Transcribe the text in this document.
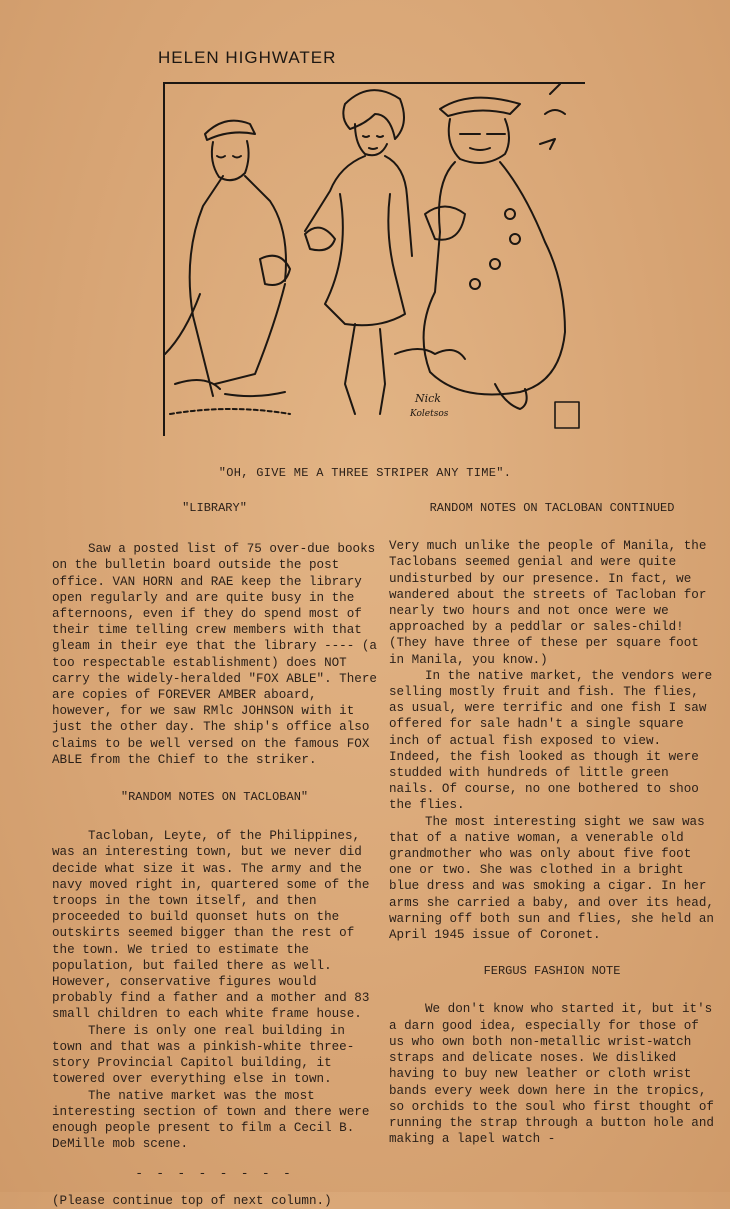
HELEN HIGHWATER
Nick
Koletsos
"OH, GIVE ME A THREE STRIPER ANY TIME".

"LIBRARY"

Saw a posted list of 75 over-due books on the bulletin board outside the post office. VAN HORN and RAE keep the library open regularly and are quite busy in the afternoons, even if they do spend most of their time telling crew members with that gleam in their eye that the library ---- (a too respectable establishment) does NOT carry the widely-heralded "FOX ABLE". There are copies of FOREVER AMBER aboard, however, for we saw RMlc JOHNSON with it just the other day. The ship's office also claims to be well versed on the famous FOX ABLE from the Chief to the striker.

"RANDOM NOTES ON TACLOBAN"

Tacloban, Leyte, of the Philippines, was an interesting town, but we never did decide what size it was. The army and the navy moved right in, quartered some of the troops in the town itself, and then proceeded to build quonset huts on the outskirts seemed bigger than the rest of the town. We tried to estimate the population, but failed there as well. However, conservative figures would probably find a father and a mother and 83 small children to each white frame house.

There is only one real building in town and that was a pinkish-white three-story Provincial Capitol building, it towered over everything else in town.

The native market was the most interesting section of town and there were enough people present to film a Cecil B. DeMille mob scene.

- - - - - - - -

(Please continue top of next column.)

RANDOM NOTES ON TACLOBAN CONTINUED

Very much unlike the people of Manila, the Taclobans seemed genial and were quite undisturbed by our presence. In fact, we wandered about the streets of Tacloban for nearly two hours and not once were we approached by a peddlar or sales-child! (They have three of these per square foot in Manila, you know.)

In the native market, the vendors were selling mostly fruit and fish. The flies, as usual, were terrific and one fish I saw offered for sale hadn't a single square inch of actual fish exposed to view. Indeed, the fish looked as though it were studded with hundreds of little green nails. Of course, no one bothered to shoo the flies.

The most interesting sight we saw was that of a native woman, a venerable old grandmother who was only about five foot one or two. She was clothed in a bright blue dress and was smoking a cigar. In her arms she carried a baby, and over its head, warning off both sun and flies, she held an April 1945 issue of Coronet.

FERGUS FASHION NOTE

We don't know who started it, but it's a darn good idea, especially for those of us who own both non-metallic wrist-watch straps and delicate noses. We disliked having to buy new leather or cloth wrist bands every week down here in the tropics, so orchids to the soul who first thought of running the strap through a button hole and making a lapel watch -
